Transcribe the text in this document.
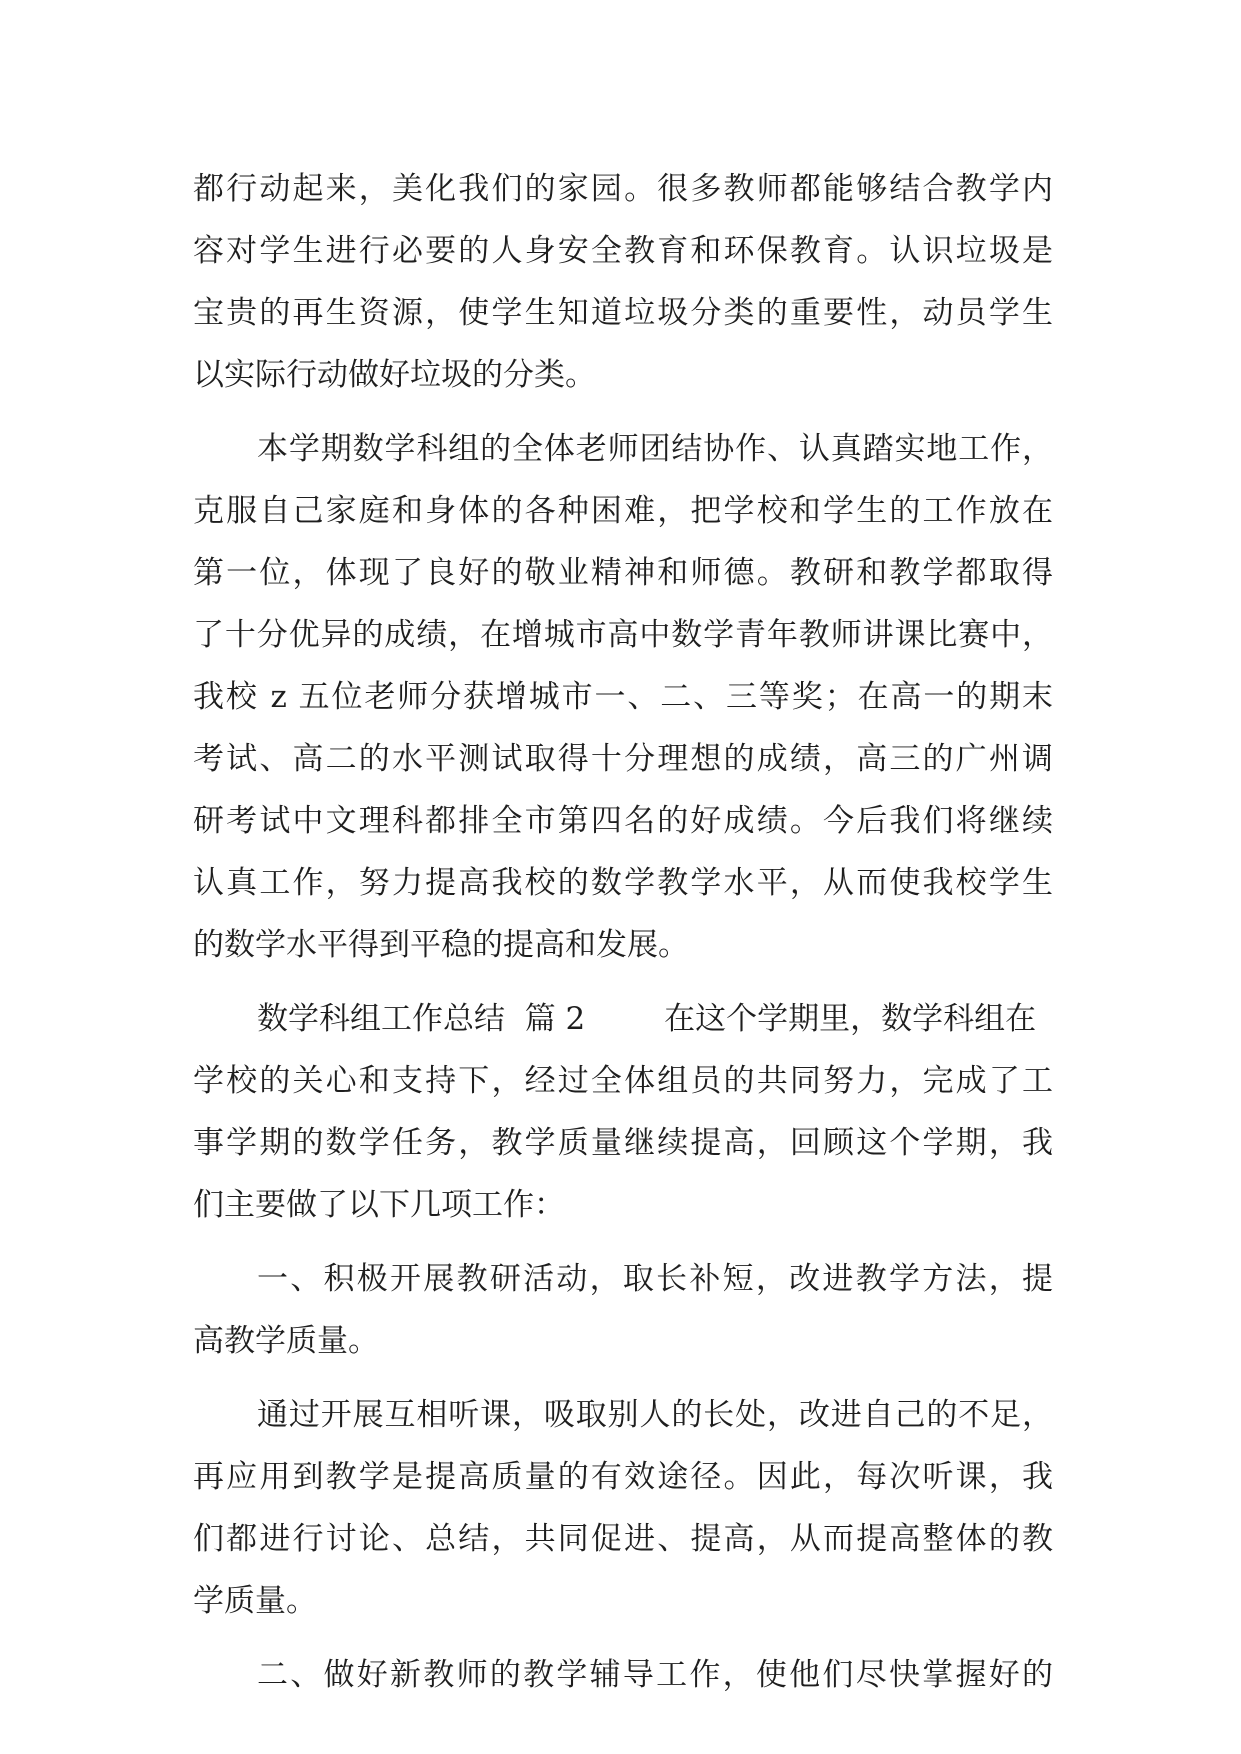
都行动起来，美化我们的家园。很多教师都能够结合教学内
容对学生进行必要的人身安全教育和环保教育。认识垃圾是
宝贵的再生资源，使学生知道垃圾分类的重要性，动员学生
以实际行动做好垃圾的分类。
本学期数学科组的全体老师团结协作、认真踏实地工作，
克服自己家庭和身体的各种困难，把学校和学生的工作放在
第一位，体现了良好的敬业精神和师德。教研和教学都取得
了十分优异的成绩，在增城市高中数学青年教师讲课比赛中，
我校 z 五位老师分获增城市一、二、三等奖；在高一的期末
考试、高二的水平测试取得十分理想的成绩，高三的广州调
研考试中文理科都排全市第四名的好成绩。今后我们将继续
认真工作，努力提高我校的数学教学水平，从而使我校学生
的数学水平得到平稳的提高和发展。
数学科组工作总结  篇 2        在这个学期里，数学科组在
学校的关心和支持下，经过全体组员的共同努力，完成了工
事学期的数学任务，教学质量继续提高，回顾这个学期，我
们主要做了以下几项工作：
一、积极开展教研活动，取长补短，改进教学方法，提
高教学质量。
通过开展互相听课，吸取别人的长处，改进自己的不足，
再应用到教学是提高质量的有效途径。因此，每次听课，我
们都进行讨论、总结，共同促进、提高，从而提高整体的教
学质量。
二、做好新教师的教学辅导工作，使他们尽快掌握好的
